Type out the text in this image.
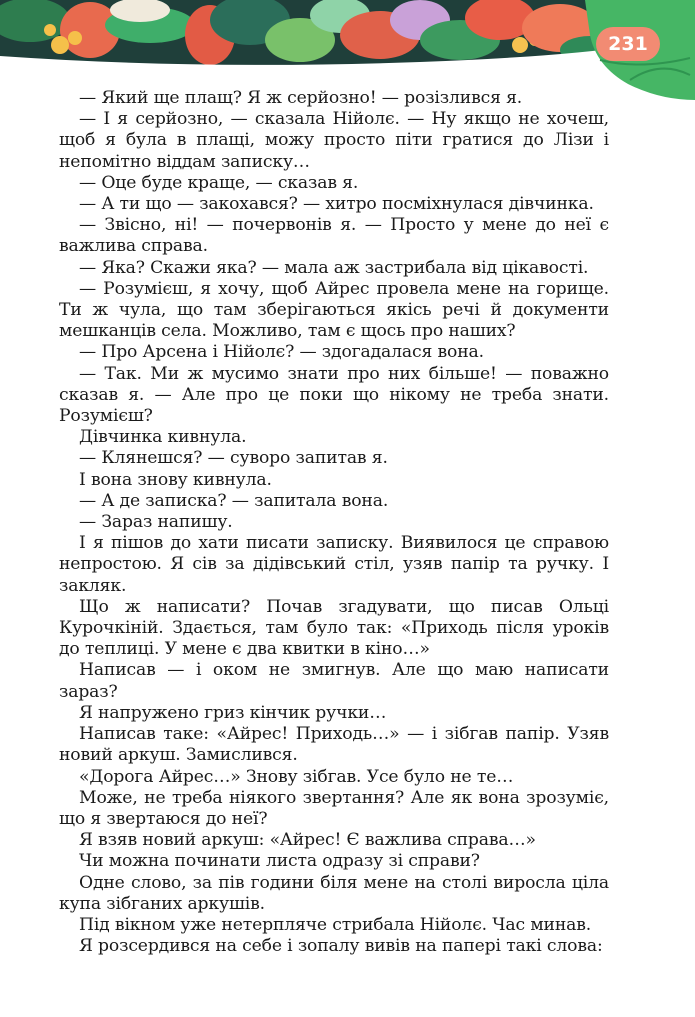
231

— Який ще плащ? Я ж серйозно! — розізлився я.

— І я серйозно, — сказала Нійолє. — Ну якщо не хочеш, щоб я була в плащі, можу просто піти гратися до Лізи і непомітно віддам записку…

— Оце буде краще, — сказав я.

— А ти що — закохався? — хитро посміхнулася дівчинка.

— Звісно, ні! — почервонів я. — Просто у мене до неї є важлива справа.

— Яка? Скажи яка? — мала аж застрибала від цікавості.

— Розумієш, я хочу, щоб Айрес провела мене на горище. Ти ж чула, що там зберігаються якісь речі й документи мешканців села. Можливо, там є щось про наших?

— Про Арсена і Нійолє? — здогадалася вона.

— Так. Ми ж мусимо знати про них більше! — поважно сказав я. — Але про це поки що нікому не треба знати. Розумієш?

Дівчинка кивнула.

— Клянешся? — суворо запитав я.

І вона знову кивнула.

— А де записка? — запитала вона.

— Зараз напишу.

І я пішов до хати писати записку. Виявилося це справою непростою. Я сів за дідівський стіл, узяв папір та ручку. І закляк.

Що ж написати? Почав згадувати, що писав Ольці Курочкіній. Здається, там було так: «Приходь після уроків до теплиці. У мене є два квитки в кіно…»

Написав — і оком не змигнув. Але що маю написати зараз?

Я напружено гриз кінчик ручки…

Написав таке: «Айрес! Приходь…» — і зібгав папір. Узяв новий аркуш. Замислився.

«Дорога Айрес…» Знову зібгав. Усе було не те…

Може, не треба ніякого звертання? Але як вона зрозуміє, що я звертаюся до неї?

Я взяв новий аркуш: «Айрес! Є важлива справа…»

Чи можна починати листа одразу зі справи?

Одне слово, за пів години біля мене на столі виросла ціла купа зібганих аркушів.

Під вікном уже нетерпляче стрибала Нійолє. Час минав.

Я розсердився на себе і зопалу вивів на папері такі слова:
